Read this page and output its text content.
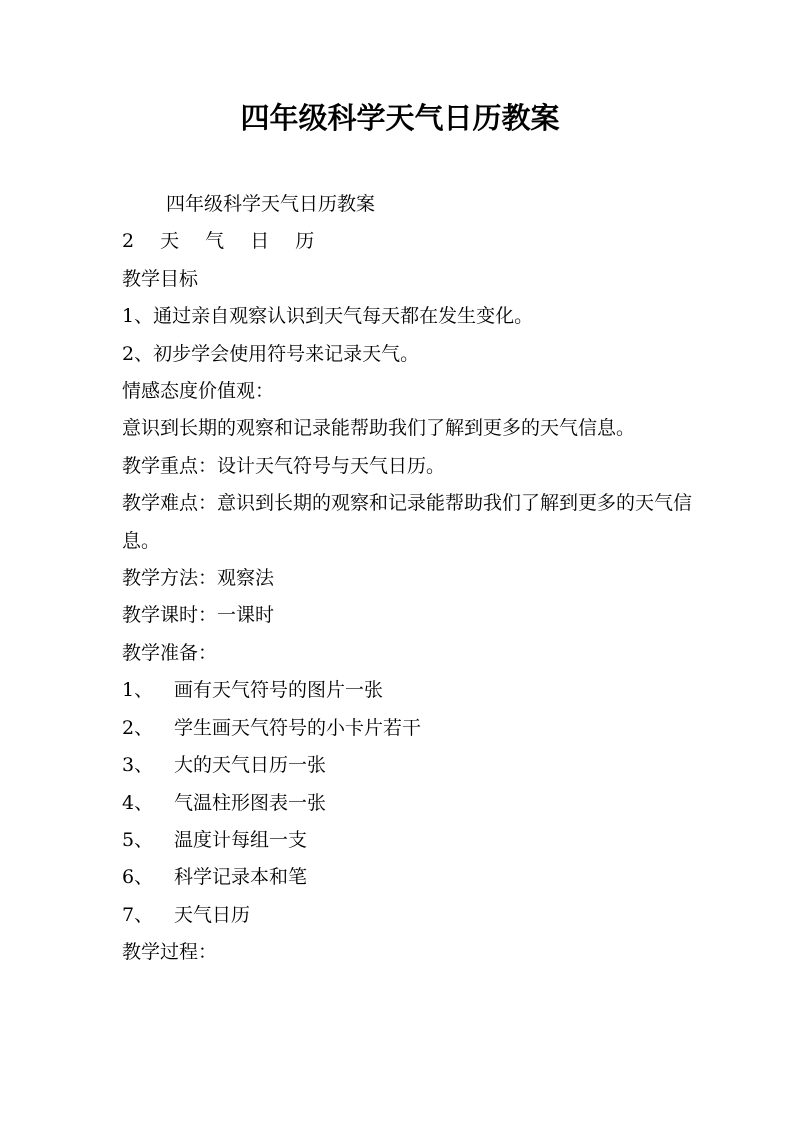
四年级科学天气日历教案

四年级科学天气日历教案

2 天 气 日 历

教学目标

1、通过亲自观察认识到天气每天都在发生变化。

2、初步学会使用符号来记录天气。

情感态度价值观：

意识到长期的观察和记录能帮助我们了解到更多的天气信息。

教学重点：设计天气符号与天气日历。

教学难点：意识到长期的观察和记录能帮助我们了解到更多的天气信息。

教学方法：观察法

教学课时：一课时

教学准备：

1、 画有天气符号的图片一张

2、 学生画天气符号的小卡片若干

3、 大的天气日历一张

4、 气温柱形图表一张

5、 温度计每组一支

6、 科学记录本和笔

7、 天气日历

教学过程：
